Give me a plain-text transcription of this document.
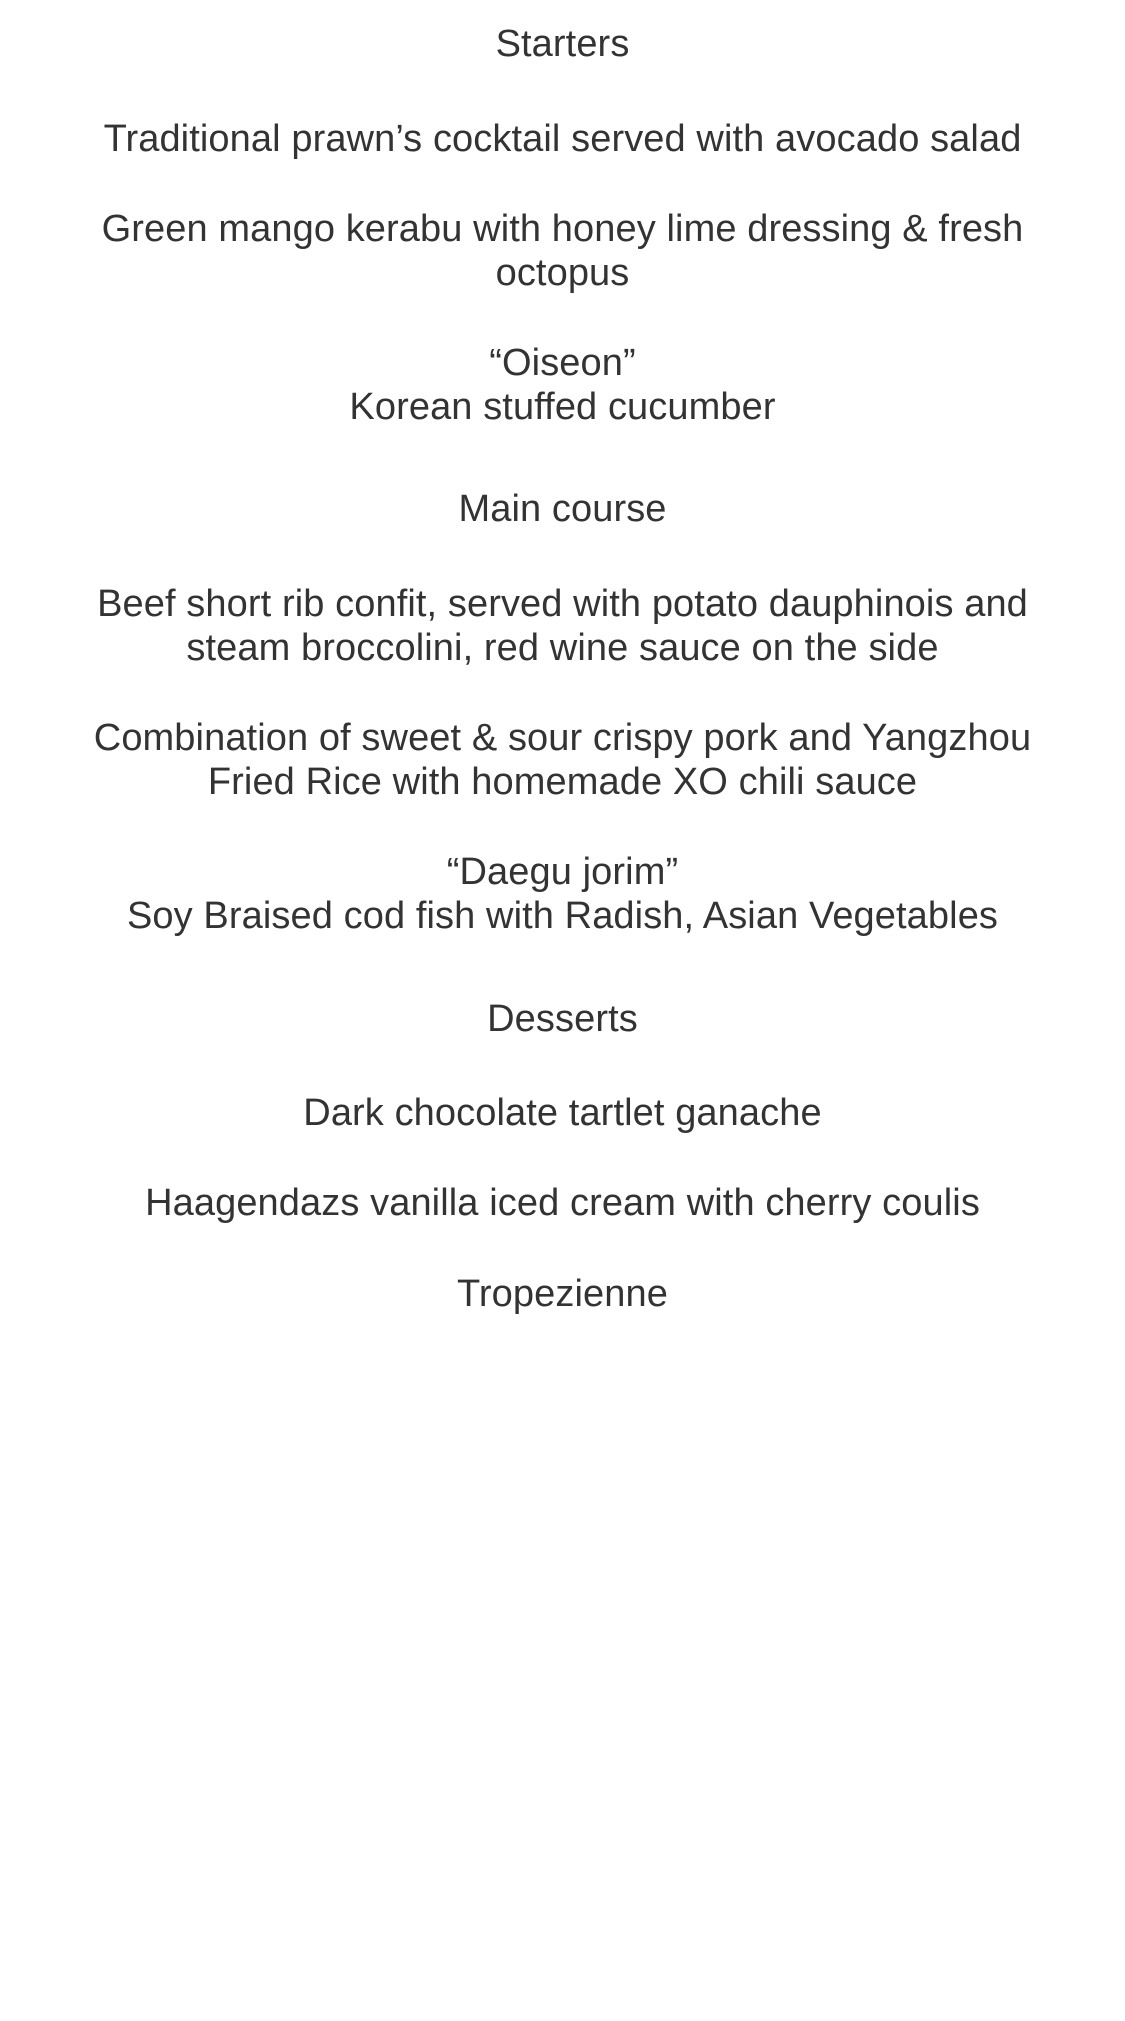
Starters

Traditional prawn’s cocktail served with avocado salad

Green mango kerabu with honey lime dressing & fresh octopus

“Oiseon”
Korean stuffed cucumber

Main course

Beef short rib confit, served with potato dauphinois and steam broccolini, red wine sauce on the side

Combination of sweet & sour crispy pork and Yangzhou Fried Rice with homemade XO chili sauce

“Daegu jorim”
Soy Braised cod fish with Radish, Asian Vegetables

Desserts

Dark chocolate tartlet ganache

Haagendazs vanilla iced cream with cherry coulis

Tropezienne
